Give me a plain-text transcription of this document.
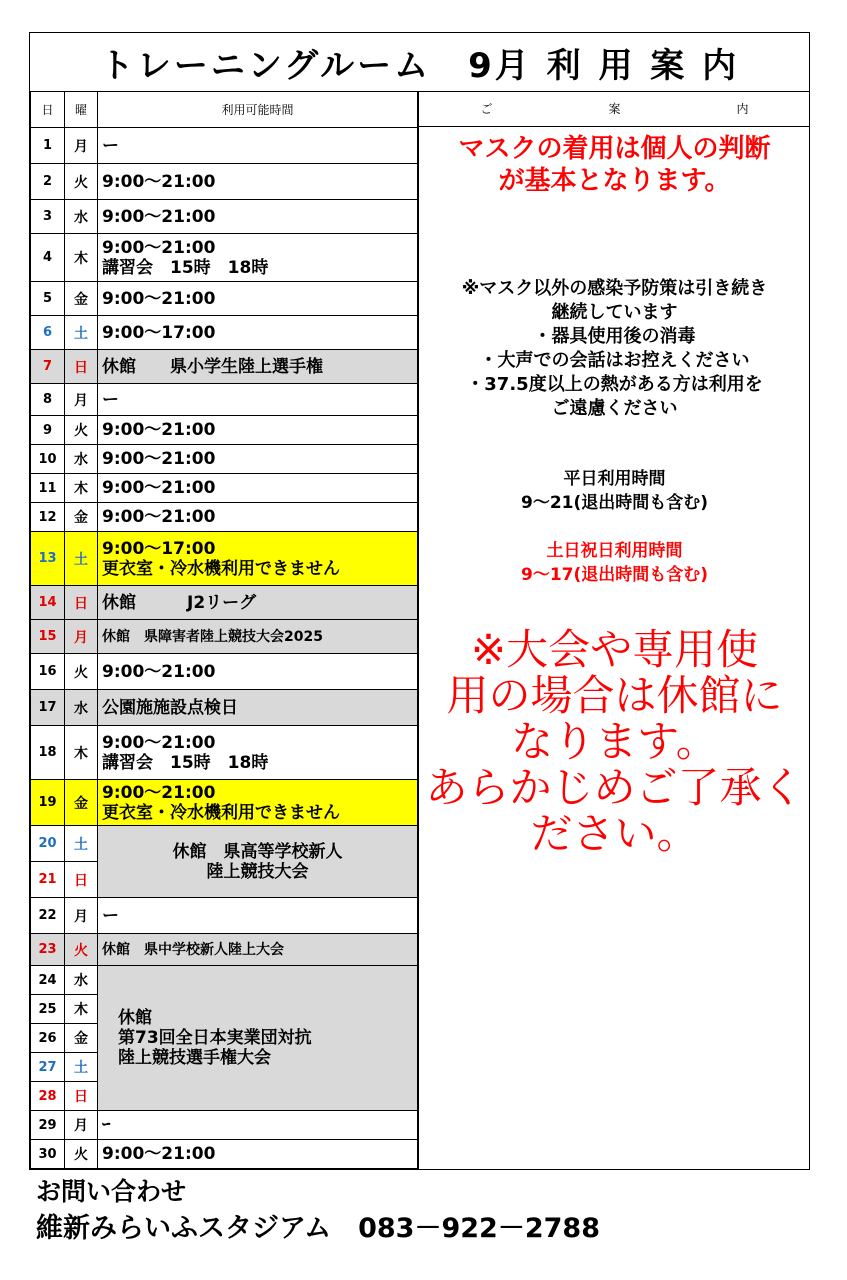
トレーニングルーム　9月 利 用 案 内
日	曜	利用可能時間
1	月	ー
2	火	9:00～21:00
3	水	9:00～21:00
4	木	9:00～21:00
講習会　15時　18時

5	金	9:00～21:00
6	土	9:00～17:00
7	日	休館　　県小学生陸上選手権
8	月	ー
9	火	9:00～21:00
10	水	9:00～21:00
11	木	9:00～21:00
12	金	9:00～21:00
13	土	9:00～17:00
更衣室・冷水機利用できません

14	日	休館　　　J2リーグ
15	月	休館　県障害者陸上競技大会2025
16	火	9:00～21:00
17	水	公園施施設点検日
18	木	9:00～21:00
講習会　15時　18時

19	金	9:00～21:00
更衣室・冷水機利用できません

20	土	休館　県高等学校新人
陸上競技大会

21	日	
22	月	ー
23	火	休館　県中学校新人陸上大会
24	水	休館
第73回全日本実業団対抗
陸上競技選手権大会

25	木	
26	金	
27	土	
28	日	
29	月	ｰ
30	火	9:00～21:00
ご　案　内
マスクの着用は個人の判断
が基本となります。
※マスク以外の感染予防策は引き続き
継続しています
・器具使用後の消毒
・大声での会話はお控えください
・37.5度以上の熱がある方は利用を
ご遠慮ください
平日利用時間
9～21(退出時間も含む)
土日祝日利用時間
9～17(退出時間も含む)
※大会や専用使
用の場合は休館に
なります。
あらかじめご了承く
ださい。
お問い合わせ
維新みらいふスタジアム　083－922－2788
